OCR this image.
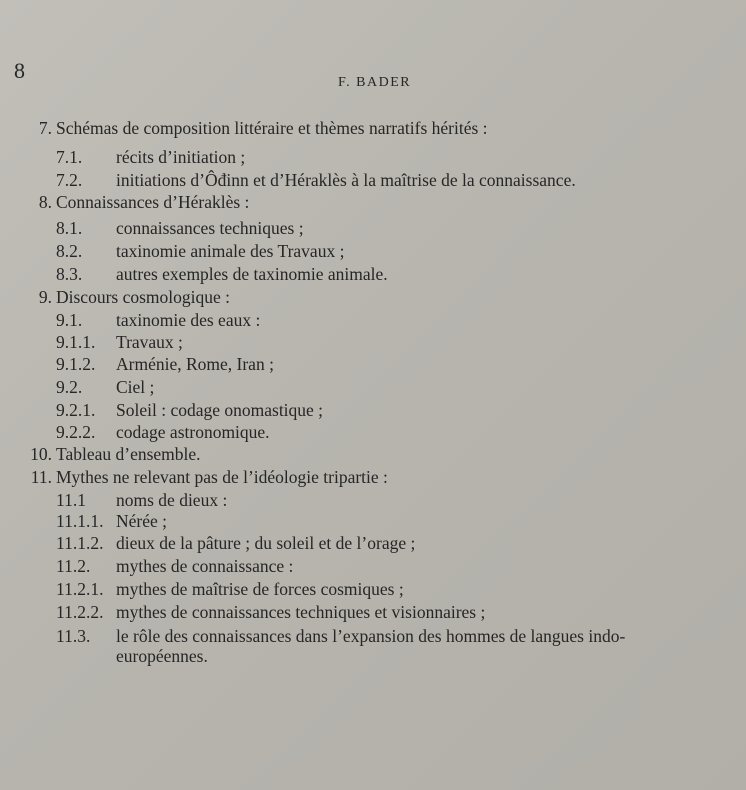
8	F. BADER
7. Schémas de composition littéraire et thèmes narratifs hérités :
7.1. récits d’initiation ;
7.2. initiations d’Ôđinn et d’Héraklès à la maîtrise de la connaissance.
8. Connaissances d’Héraklès :
8.1. connaissances techniques ;
8.2. taxinomie animale des Travaux ;
8.3. autres exemples de taxinomie animale.
9. Discours cosmologique :
9.1. taxinomie des eaux :
9.1.1. Travaux ;
9.1.2. Arménie, Rome, Iran ;
9.2. Ciel ;
9.2.1. Soleil : codage onomastique ;
9.2.2. codage astronomique.
10. Tableau d’ensemble.
11. Mythes ne relevant pas de l’idéologie tripartie :
11.1 noms de dieux :
11.1.1. Nérée ;
11.1.2. dieux de la pâture ; du soleil et de l’orage ;
11.2. mythes de connaissance :
11.2.1. mythes de maîtrise de forces cosmiques ;
11.2.2. mythes de connaissances techniques et visionnaires ;
11.3. le rôle des connaissances dans l’expansion des hommes de langues indo-européennes.
